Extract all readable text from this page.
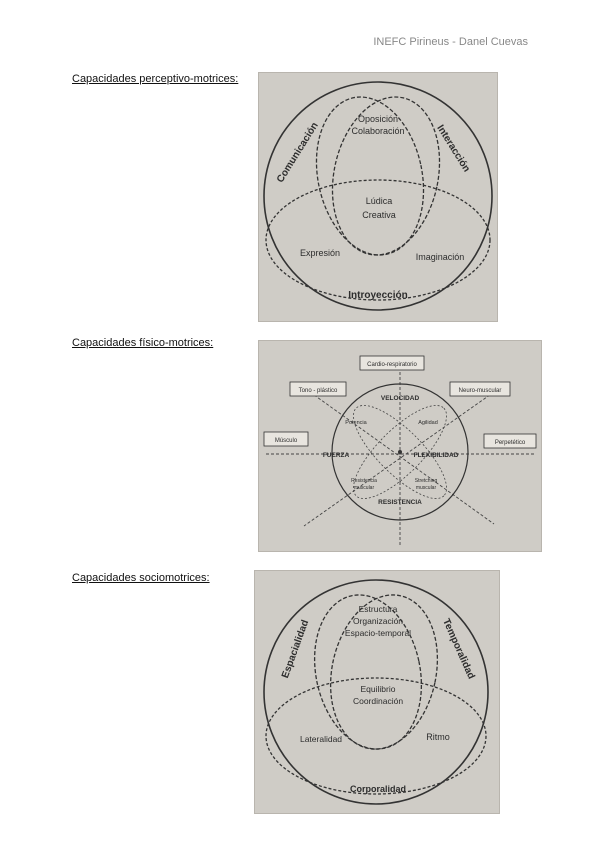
INEFC Pirineus - Danel Cuevas
Capacidades perceptivo-motrices:
Oposición
Colaboración
Lúdica
Creativa
Expresión	Imaginación
Comunicación	Interacción
Introyección
Capacidades físico-motrices:
Cardio-respiratorio
Tono - plástico	Neuro-muscular
Músculo	Perpetético
VELOCIDAD
FUERZA	FLEXIBILIDAD
RESISTENCIA
Potencia	Agilidad
Resistencia
muscular
Stretching
muscular
Capacidades sociomotrices:
Estructura
Organización
Espacio-temporal
Equilibrio
Coordinación
Lateralidad	Ritmo
Espacialidad	Temporalidad
Corporalidad
